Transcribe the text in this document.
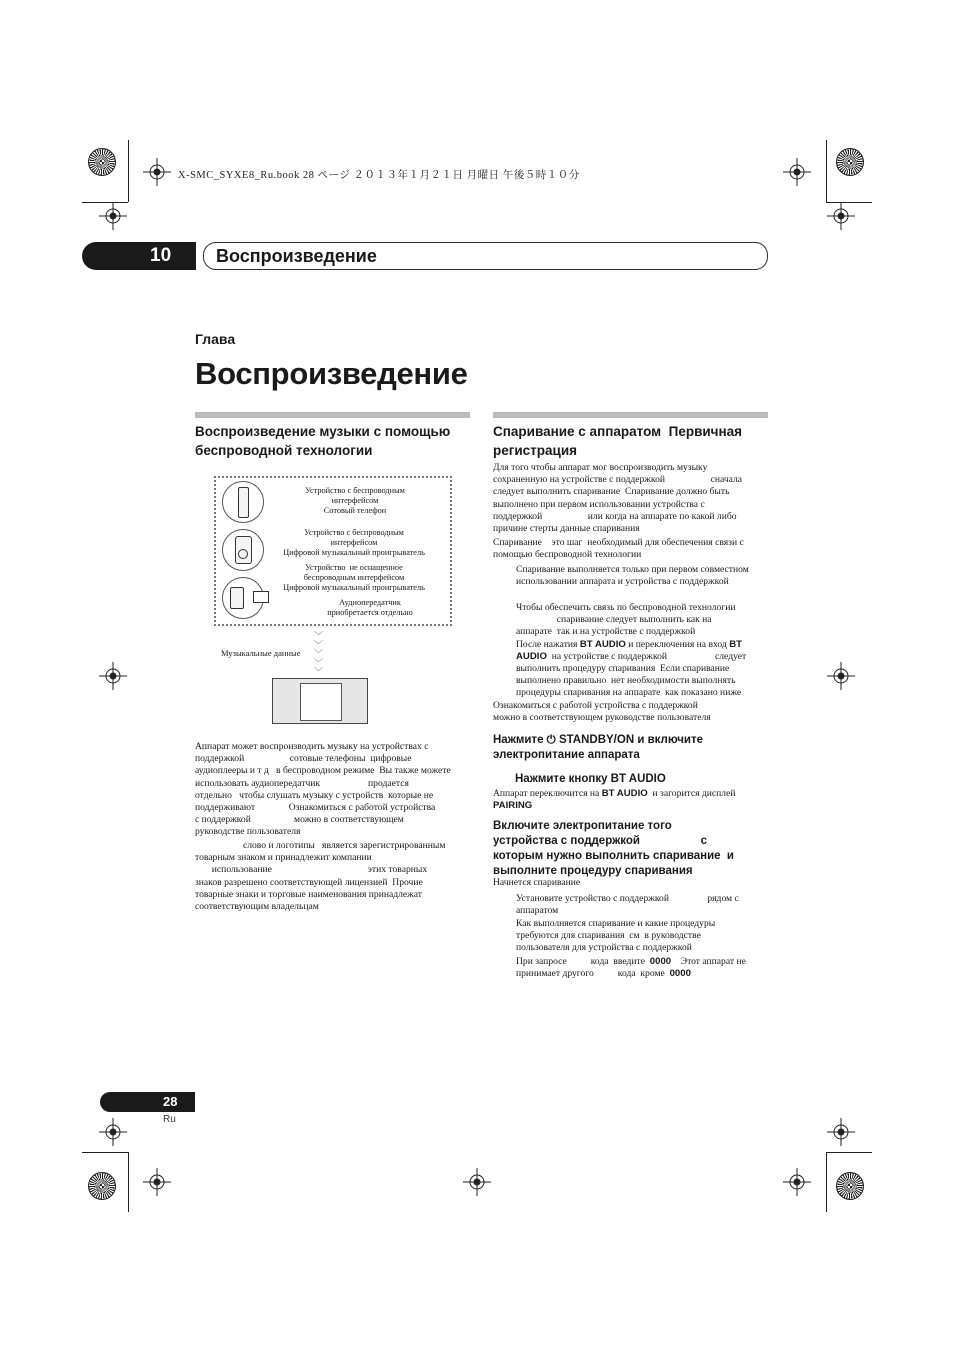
X-SMC_SYXE8_Ru.book 28 ページ ２０１３年１月２１日 月曜日 午後５時１０分
10 Воспроизведение
Глава
Воспроизведение
Воспроизведение музыки с помощью
беспроводной технологии
Устройство с беспроводным
интерфейсом
Сотовый телефон
Устройство с беспроводным
интерфейсом
Цифровой музыкальный проигрыватель
Устройство  не оснащенное
беспроводным интерфейсом
Цифровой музыкальный проигрыватель
Аудиопередатчик
приобретается отдельно
﹀
﹀
﹀
﹀
﹀
Музыкальные данные
Аппарат может воспроизводить музыку на устройствах с
поддержкой                   сотовые телефоны  цифровые
аудиоплееры и т д   в беспроводном режиме  Вы также можете
использовать аудиопередатчик                    продается
отдельно   чтобы слушать музыку с устройств  которые не
поддерживают              Ознакомиться с работой устройства
с поддержкой                  можно в соответствующем
руководстве пользователя
слово и логотипы   является зарегистрированным
товарным знаком и принадлежит компании
использование                                        этих товарных
знаков разрешено соответствующей лицензией  Прочие
товарные знаки и торговые наименования принадлежат
соответствующим владельцам
Спаривание с аппаратом  Первичная
регистрация
Для того чтобы аппарат мог воспроизводить музыку
сохраненную на устройстве с поддержкой                   сначала
следует выполнить спаривание  Спаривание должно быть
выполнено при первом использовании устройства с
поддержкой                   или когда на аппарате по какой либо
причине стерты данные спаривания
Спаривание    это шаг  необходимый для обеспечения связи с
помощью беспроводной технологии
Спаривание выполняется только при первом совместном
использовании аппарата и устройства с поддержкой
Чтобы обеспечить связь по беспроводной технологии
спаривание следует выполнить как на
аппарате  так и на устройстве с поддержкой
После нажатия BT AUDIO и переключения на вход BT
AUDIO  на устройстве с поддержкой                    следует
выполнить процедуру спаривания  Если спаривание
выполнено правильно  нет необходимости выполнять
процедуры спаривания на аппарате  как показано ниже
Ознакомиться с работой устройства с поддержкой
можно в соответствующем руководстве пользователя
Нажмите ⏻ STANDBY/ON и включите
электропитание аппарата
Нажмите кнопку BT AUDIO
Аппарат переключится на BT AUDIO  и загорится дисплей
PAIRING
Включите электропитание того
устройства с поддержкой                   с
которым нужно выполнить спаривание  и
выполните процедуру спаривания
Начнется спаривание
Установите устройство с поддержкой                рядом с
аппаратом
Как выполняется спаривание и какие процедуры
требуются для спаривания  см  в руководстве
пользователя для устройства с поддержкой
При запросе          кода  введите  0000    Этот аппарат не
принимает другого          кода  кроме  0000
28
Ru
